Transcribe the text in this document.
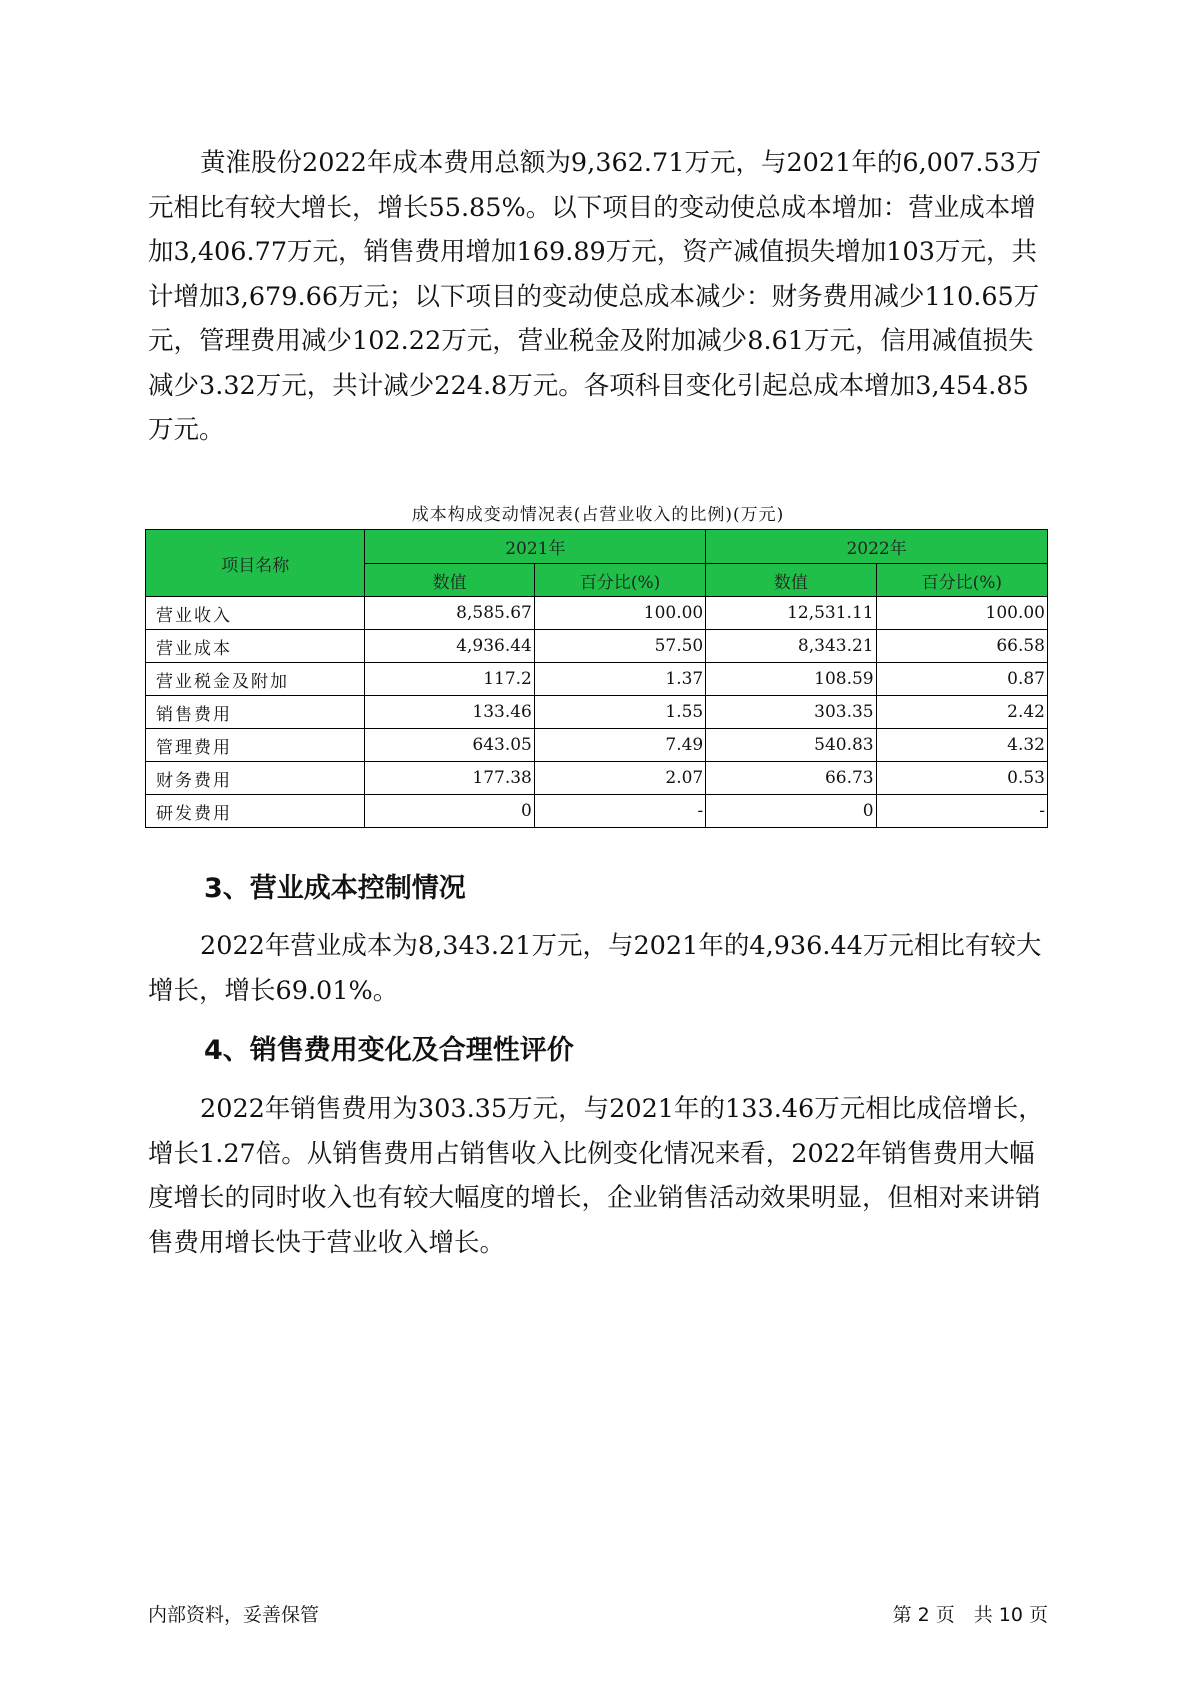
黄淮股份2022年成本费用总额为9,362.71万元，与2021年的6,007.53万元相比有较大增长，增长55.85%。以下项目的变动使总成本增加：营业成本增加3,406.77万元，销售费用增加169.89万元，资产减值损失增加103万元，共计增加3,679.66万元；以下项目的变动使总成本减少：财务费用减少110.65万元，管理费用减少102.22万元，营业税金及附加减少8.61万元，信用减值损失减少3.32万元，共计减少224.8万元。各项科目变化引起总成本增加3,454.85万元。

成本构成变动情况表(占营业收入的比例)(万元)
项目名称	2021年		2022年	
	数值	百分比(%)	数值	百分比(%)
营业收入	8,585.67	100.00	12,531.11	100.00
营业成本	4,936.44	57.50	8,343.21	66.58
营业税金及附加	117.2	1.37	108.59	0.87
销售费用	133.46	1.55	303.35	2.42
管理费用	643.05	7.49	540.83	4.32
财务费用	177.38	2.07	66.73	0.53
研发费用	0	-	0	-
3、营业成本控制情况

2022年营业成本为8,343.21万元，与2021年的4,936.44万元相比有较大增长，增长69.01%。

4、销售费用变化及合理性评价

2022年销售费用为303.35万元，与2021年的133.46万元相比成倍增长，增长1.27倍。从销售费用占销售收入比例变化情况来看，2022年销售费用大幅度增长的同时收入也有较大幅度的增长，企业销售活动效果明显，但相对来讲销售费用增长快于营业收入增长。

内部资料，妥善保管	第 2 页　共 10 页
